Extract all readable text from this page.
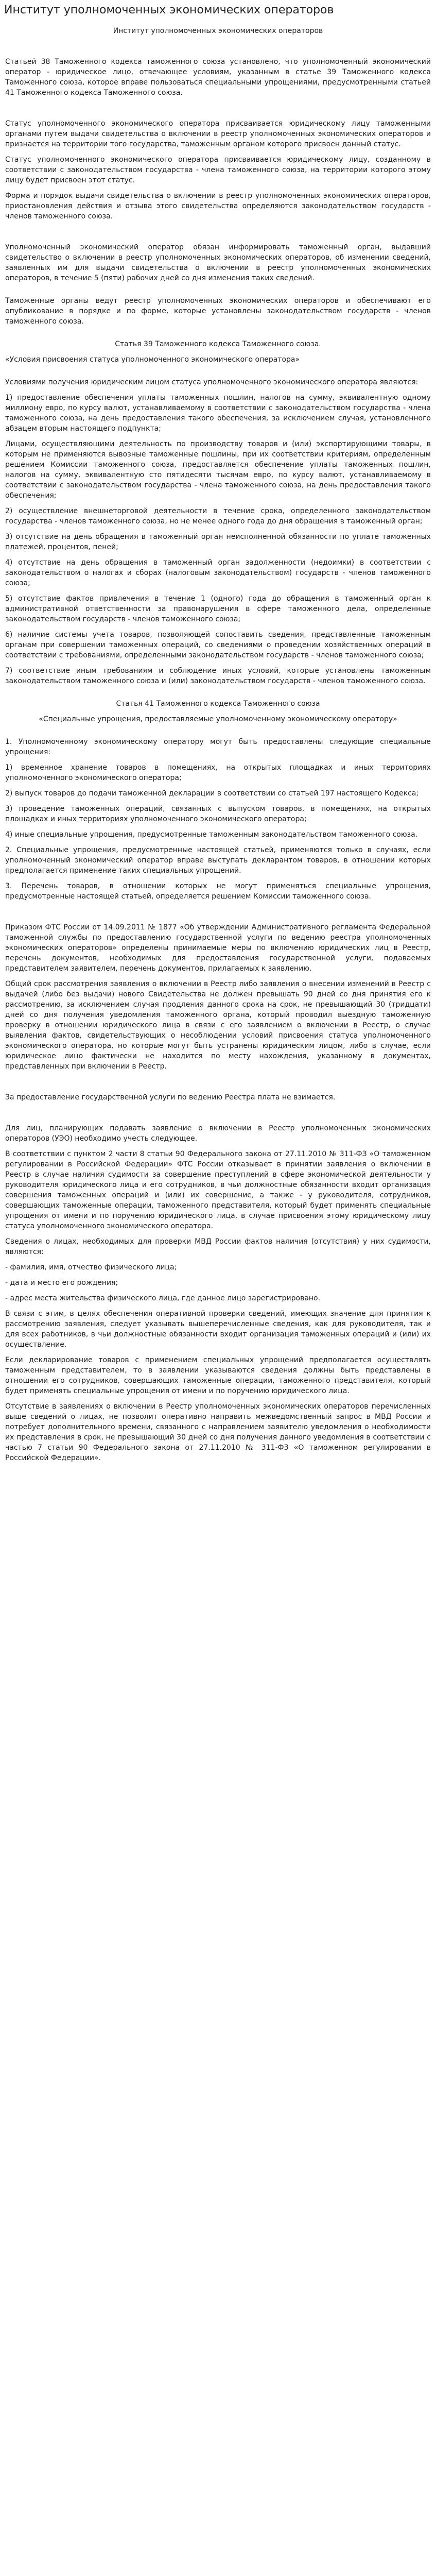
Институт уполномоченных экономических операторов

Институт уполномоченных экономических операторов

Статьей 38 Таможенного кодекса таможенного союза установлено, что уполномоченный экономический оператор - юридическое лицо, отвечающее условиям, указанным в статье 39 Таможенного кодекса Таможенного союза, которое вправе пользоваться специальными упрощениями, предусмотренными статьей 41 Таможенного кодекса Таможенного союза.

Статус уполномоченного экономического оператора присваивается юридическому лицу таможенными органами путем выдачи свидетельства о включении в реестр уполномоченных экономических операторов и признается на территории того государства, таможенным органом которого присвоен данный статус.

Статус уполномоченного экономического оператора присваивается юридическому лицу, созданному в соответствии с законодательством государства - члена таможенного союза, на территории которого этому лицу будет присвоен этот статус.

Форма и порядок выдачи свидетельства о включении в реестр уполномоченных экономических операторов, приостановления действия и отзыва этого свидетельства определяются законодательством государств - членов таможенного союза.

Уполномоченный экономический оператор обязан информировать таможенный орган, выдавший свидетельство о включении в реестр уполномоченных экономических операторов, об изменении сведений, заявленных им для выдачи свидетельства о включении в реестр уполномоченных экономических операторов, в течение 5 (пяти) рабочих дней со дня изменения таких сведений.

Таможенные органы ведут реестр уполномоченных экономических операторов и обеспечивают его опубликование в порядке и по форме, которые установлены законодательством государств - членов таможенного союза.

Статья 39 Таможенного кодекса Таможенного союза.

«Условия присвоения статуса уполномоченного экономического оператора»

Условиями получения юридическим лицом статуса уполномоченного экономического оператора являются:

1) предоставление обеспечения уплаты таможенных пошлин, налогов на сумму, эквивалентную одному миллиону евро, по курсу валют, устанавливаемому в соответствии с законодательством государства - члена таможенного союза, на день предоставления такого обеспечения, за исключением случая, установленного абзацем вторым настоящего подпункта;

Лицами, осуществляющими деятельность по производству товаров и (или) экспортирующими товары, в которым не применяются вывозные таможенные пошлины, при их соответствии критериям, определенным решением Комиссии таможенного союза, предоставляется обеспечение уплаты таможенных пошлин, налогов на сумму, эквивалентную сто пятидесяти тысячам евро, по курсу валют, устанавливаемому в соответствии с законодательством государства - члена таможенного союза, на день предоставления такого обеспечения;

2) осуществление внешнеторговой деятельности в течение срока, определенного законодательством государства - членов таможенного союза, но не менее одного года до дня обращения в таможенный орган;

3) отсутствие на день обращения в таможенный орган неисполненной обязанности по уплате таможенных платежей, процентов, пеней;

4) отсутствие на день обращения в таможенный орган задолженности (недоимки) в соответствии с законодательством о налогах и сборах (налоговым законодательством) государств - членов таможенного союза;

5) отсутствие фактов привлечения в течение 1 (одного) года до обращения в таможенный орган к административной ответственности за правонарушения в сфере таможенного дела, определенные законодательством государств - членов таможенного союза;

6) наличие системы учета товаров, позволяющей сопоставить сведения, представленные таможенным органам при совершении таможенных операций, со сведениями о проведении хозяйственных операций в соответствии с требованиями, определенными законодательством государств - членов таможенного союза;

7) соответствие иным требованиям и соблюдение иных условий, которые установлены таможенным законодательством таможенного союза и (или) законодательством государств - членов таможенного союза.

Статья 41 Таможенного кодекса Таможенного союза

«Специальные упрощения, предоставляемые уполномоченному экономическому оператору»

1. Уполномоченному экономическому оператору могут быть предоставлены следующие специальные упрощения:

1) временное хранение товаров в помещениях, на открытых площадках и иных территориях уполномоченного экономического оператора;

2) выпуск товаров до подачи таможенной декларации в соответствии со статьей 197 настоящего Кодекса;

3) проведение таможенных операций, связанных с выпуском товаров, в помещениях, на открытых площадках и иных территориях уполномоченного экономического оператора;

4) иные специальные упрощения, предусмотренные таможенным законодательством таможенного союза.

2. Специальные упрощения, предусмотренные настоящей статьей, применяются только в случаях, если уполномоченный экономический оператор вправе выступать декларантом товаров, в отношении которых предполагается применение таких специальных упрощений.

3. Перечень товаров, в отношении которых не могут применяться специальные упрощения, предусмотренные настоящей статьей, определяется решением Комиссии таможенного союза.

Приказом ФТС России от 14.09.2011 № 1877 «Об утверждении Административного регламента Федеральной таможенной службы по предоставлению государственной услуги по ведению реестра уполномоченных экономических операторов» определены принимаемые меры по включению юридических лиц в Реестр, перечень документов, необходимых для предоставления государственной услуги, подаваемых представителем заявителем, перечень документов, прилагаемых к заявлению.

Общий срок рассмотрения заявления о включении в Реестр либо заявления о внесении изменений в Реестр с выдачей (либо без выдачи) нового Свидетельства не должен превышать 90 дней со дня принятия его к рассмотрению, за исключением случая продления данного срока на срок, не превышающий 30 (тридцати) дней со дня получения уведомления таможенного органа, который проводил выездную таможенную проверку в отношении юридического лица в связи с его заявлением о включении в Реестр, о случае выявления фактов, свидетельствующих о несоблюдении условий присвоения статуса уполномоченного экономического оператора, но которые могут быть устранены юридическим лицом, либо в случае, если юридическое лицо фактически не находится по месту нахождения, указанному в документах, представленных при включении в Реестр.

За предоставление государственной услуги по ведению Реестра плата не взимается.

Для лиц, планирующих подавать заявление о включении в Реестр уполномоченных экономических операторов (УЭО) необходимо учесть следующее.

В соответствии с пунктом 2 части 8 статьи 90 Федерального закона от 27.11.2010 № 311-ФЗ «О таможенном регулировании в Российской Федерации» ФТС России отказывает в принятии заявления о включении в Реестр в случае наличия судимости за совершение преступлений в сфере экономической деятельности у руководителя юридического лица и его сотрудников, в чьи должностные обязанности входит организация совершения таможенных операций и (или) их совершение, а также - у руководителя, сотрудников, совершающих таможенные операции, таможенного представителя, который будет применять специальные упрощения от имени и по поручению юридического лица, в случае присвоения этому юридическому лицу статуса уполномоченного экономического оператора.

Сведения о лицах, необходимых для проверки МВД России фактов наличия (отсутствия) у них судимости, являются:

- фамилия, имя, отчество физического лица;

- дата и место его рождения;

- адрес места жительства физического лица, где данное лицо зарегистрировано.

В связи с этим, в целях обеспечения оперативной проверки сведений, имеющих значение для принятия к рассмотрению заявления, следует указывать вышеперечисленные сведения, как для руководителя, так и для всех работников, в чьи должностные обязанности входит организация таможенных операций и (или) их осуществление.

Если декларирование товаров с применением специальных упрощений предполагается осуществлять таможенным представителем, то в заявлении указываются сведения должны быть представлены в отношении его сотрудников, совершающих таможенные операции, таможенного представителя, который будет применять специальные упрощения от имени и по поручению юридического лица.

Отсутствие в заявлениях о включении в Реестр уполномоченных экономических операторов перечисленных выше сведений о лицах, не позволит оперативно направить межведомственный запрос в МВД России и потребует дополнительного времени, связанного с направлением заявителю уведомления о необходимости их представления в срок, не превышающий 30 дней со дня получения данного уведомления в соответствии с частью 7 статьи 90 Федерального закона от 27.11.2010 № 311-ФЗ «О таможенном регулировании в Российской Федерации».
